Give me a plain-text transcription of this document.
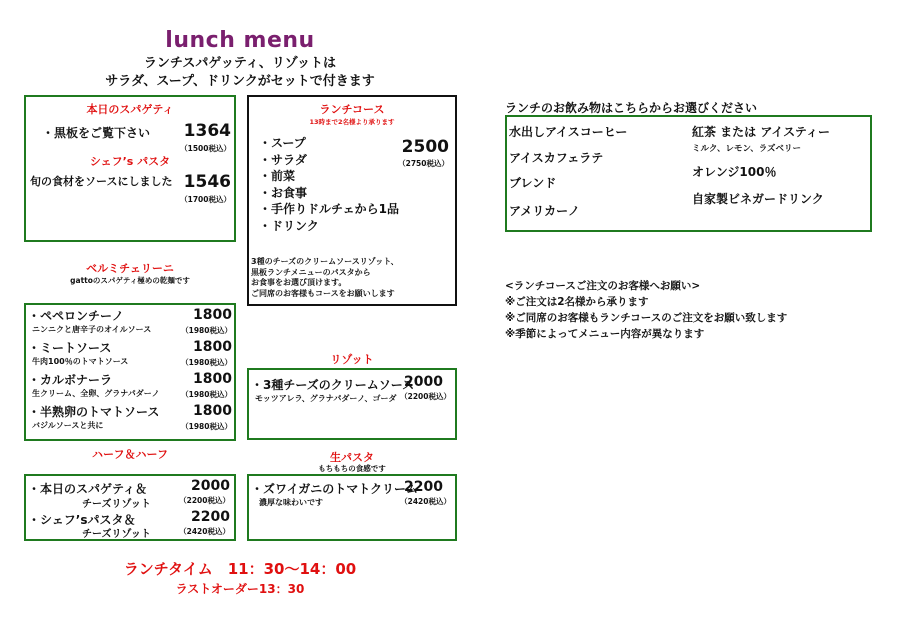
lunch menu
ランチスパゲッティ、リゾットは
サラダ、スープ、ドリンクがセットで付きます
本日のスパゲティ
・黒板をご覧下さい	1364
（1500税込）
シェフ’s パスタ
旬の食材をソースにしました 1546
（1700税込）
ランチコース
13時まで2名様より承ります
・スープ
・サラダ
・前菜
・お食事
・手作りドルチェから1品
・ドリンク
2500
（2750税込）
3種のチーズのクリームソースリゾット、
黒板ランチメニューのパスタから
お食事をお選び頂けます。
ご同席のお客様もコースをお願いします
ランチのお飲み物はこちらからお選びください
水出しアイスコーヒー
アイスカフェラテ
ブレンド
アメリカーノ
紅茶 または アイスティー
ミルク、レモン、ラズベリー
オレンジ100％
自家製ビネガードリンク
<ランチコースご注文のお客様へお願い>
※ご注文は2名様から承ります
※ご同席のお客様もランチコースのご注文をお願い致します
※季節によってメニュー内容が異なります
ベルミチェリーニ
gattoのスパゲティ極めの乾麺です
・ペペロンチーノ
ニンニクと唐辛子のオイルソース
1800
（1980税込）
・ミートソース
牛肉100％のトマトソース
1800
（1980税込）
・カルボナーラ
生クリーム、全卵、グラナパダーノ
1800
（1980税込）
・半熟卵のトマトソース
バジルソースと共に
1800
（1980税込）
リゾット
・3種チーズのクリームソース
モッツアレラ、グラナパダーノ、ゴーダ
2000
（2200税込）
ハーフ＆ハーフ
・本日のスパゲティ＆
チーズリゾット
2000
（2200税込）
・シェフ’sパスタ＆
チーズリゾット
2200
（2420税込）
生パスタ
もちもちの食感です
・ズワイガニのトマトクリーム
濃厚な味わいです
2200
（2420税込）
ランチタイム　11：30～14：00
ラストオーダー13：30
